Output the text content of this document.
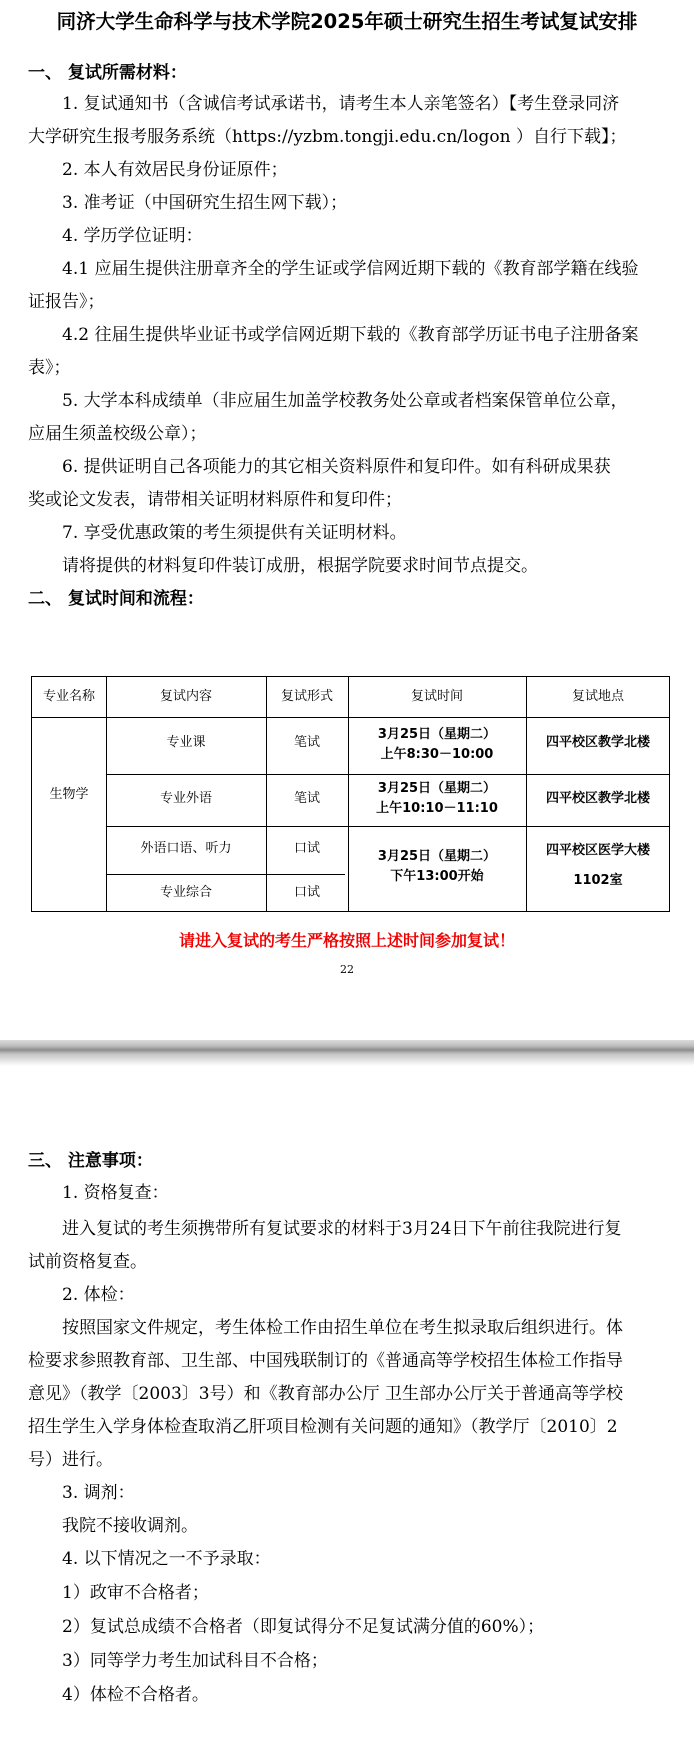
同济大学生命科学与技术学院2025年硕士研究生招生考试复试安排
一、 复试所需材料：
1. 复试通知书（含诚信考试承诺书，请考生本人亲笔签名）【考生登录同济
大学研究生报考服务系统（https://yzbm.tongji.edu.cn/logon ）自行下载】；
2. 本人有效居民身份证原件；
3. 准考证（中国研究生招生网下载）；
4. 学历学位证明：
4.1 应届生提供注册章齐全的学生证或学信网近期下载的《教育部学籍在线验
证报告》；
4.2 往届生提供毕业证书或学信网近期下载的《教育部学历证书电子注册备案
表》；
5. 大学本科成绩单（非应届生加盖学校教务处公章或者档案保管单位公章，
应届生须盖校级公章）；
6. 提供证明自己各项能力的其它相关资料原件和复印件。如有科研成果获
奖或论文发表，请带相关证明材料原件和复印件；
7. 享受优惠政策的考生须提供有关证明材料。
请将提供的材料复印件装订成册，根据学院要求时间节点提交。
二、 复试时间和流程：
专业名称	复试内容	复试形式	复试时间	复试地点
生物学
专业课	笔试
3月25日（星期二）
上午8:30－10:00
四平校区教学北楼
专业外语	笔试
3月25日（星期二）
上午10:10－11:10
四平校区教学北楼
外语口语、听力	口试
专业综合	口试
3月25日（星期二）
下午13:00开始
四平校区医学大楼
1102室
请进入复试的考生严格按照上述时间参加复试！
22
三、 注意事项：
1. 资格复查：
进入复试的考生须携带所有复试要求的材料于3月24日下午前往我院进行复
试前资格复查。
2. 体检：
按照国家文件规定，考生体检工作由招生单位在考生拟录取后组织进行。体
检要求参照教育部、卫生部、中国残联制订的《普通高等学校招生体检工作指导
意见》（教学〔2003〕3号）和《教育部办公厅 卫生部办公厅关于普通高等学校
招生学生入学身体检查取消乙肝项目检测有关问题的通知》（教学厅〔2010〕2
号）进行。
3. 调剂：
我院不接收调剂。
4. 以下情况之一不予录取：
1）政审不合格者；
2）复试总成绩不合格者（即复试得分不足复试满分值的60%）；
3）同等学力考生加试科目不合格；
4）体检不合格者。
